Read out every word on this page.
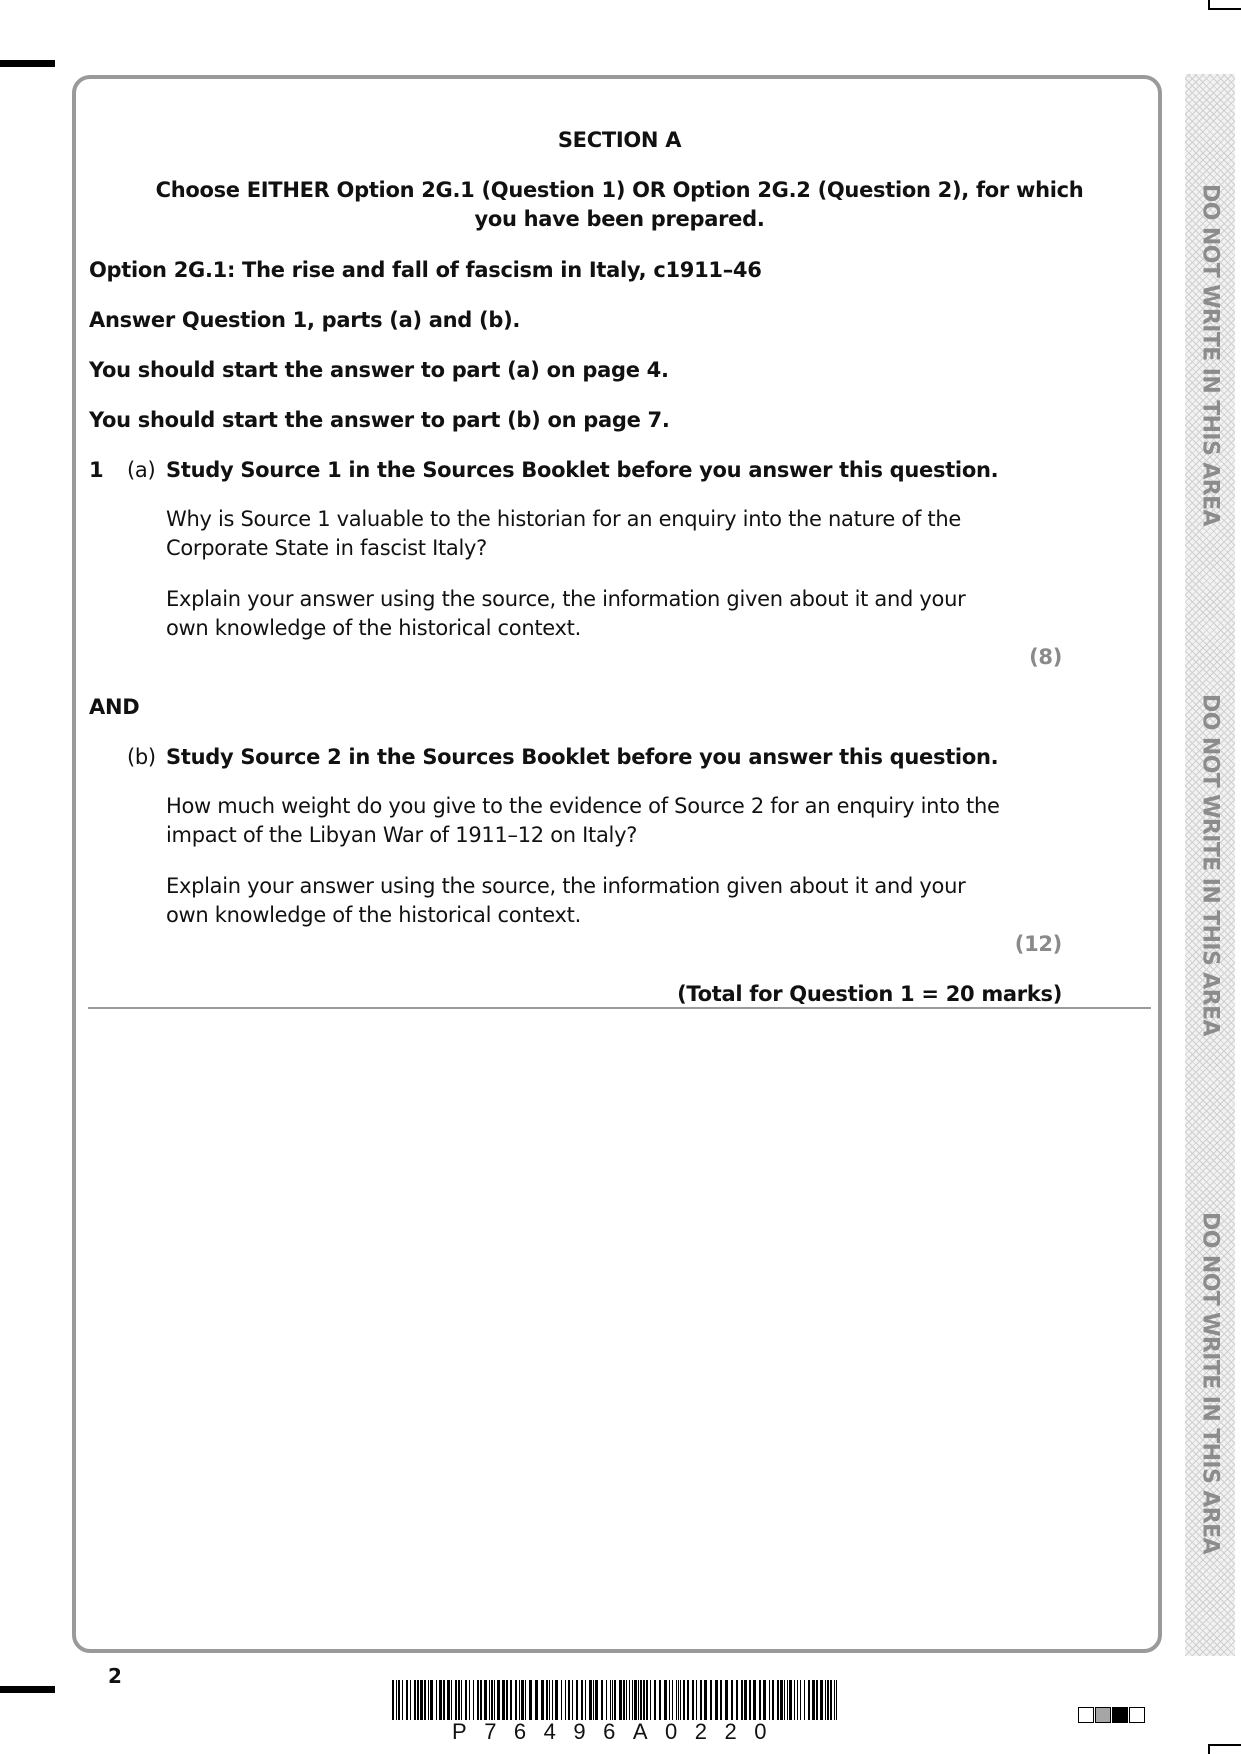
DO NOT WRITE IN THIS AREA
DO NOT WRITE IN THIS AREA
DO NOT WRITE IN THIS AREA
SECTION A
Choose EITHER Option 2G.1 (Question 1) OR Option 2G.2 (Question 2), for which
you have been prepared.
Option 2G.1: The rise and fall of fascism in Italy, c1911–46
Answer Question 1, parts (a) and (b).
You should start the answer to part (a) on page 4.
You should start the answer to part (b) on page 7.
1 (a) Study Source 1 in the Sources Booklet before you answer this question.
Why is Source 1 valuable to the historian for an enquiry into the nature of the
Corporate State in fascist Italy?
Explain your answer using the source, the information given about it and your
own knowledge of the historical context.
(8)
AND
(b) Study Source 2 in the Sources Booklet before you answer this question.
How much weight do you give to the evidence of Source 2 for an enquiry into the
impact of the Libyan War of 1911–12 on Italy?
Explain your answer using the source, the information given about it and your
own knowledge of the historical context.
(12)
(Total for Question 1 = 20 marks)
2
P76496A0220
